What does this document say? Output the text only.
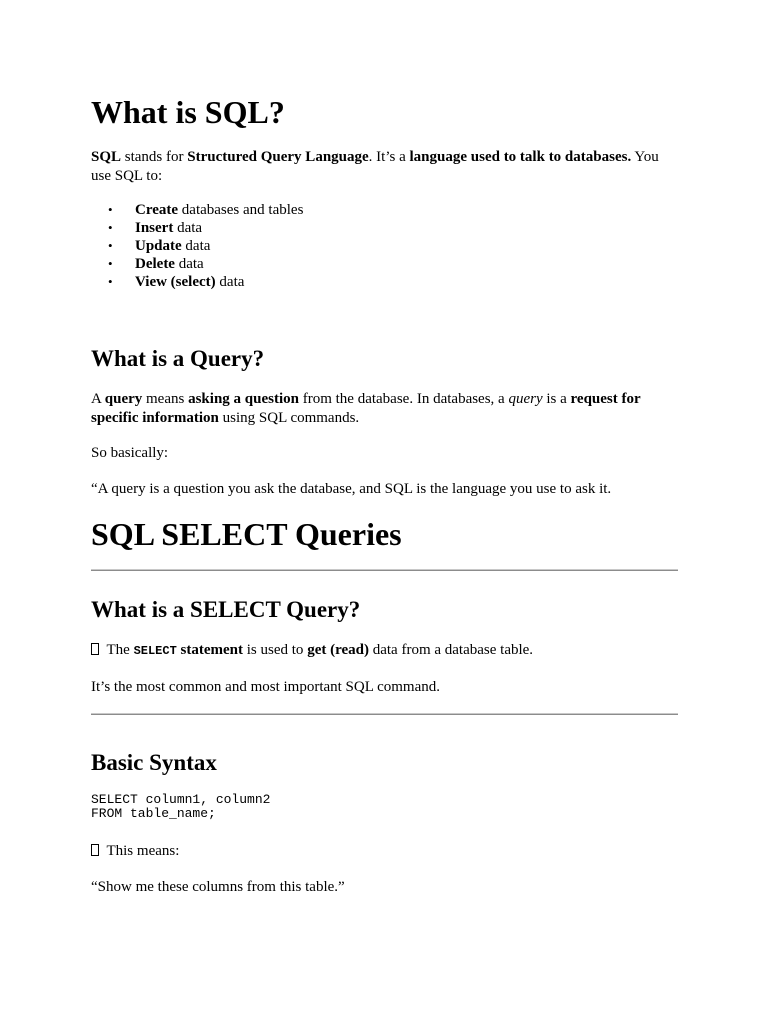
What is SQL?

SQL stands for Structured Query Language. It’s a language used to talk to databases. You use SQL to:

•	Create databases and tables
•	Insert data
•	Update data
•	Delete data
•	View (select) data
What is a Query?

A query means asking a question from the database. In databases, a query is a request for specific information using SQL commands.

So basically:

“A query is a question you ask the database, and SQL is the language you use to ask it.

SQL SELECT Queries
What is a SELECT Query?

The SELECT statement is used to get (read) data from a database table.

It’s the most common and most important SQL command.

Basic Syntax
SELECT column1, column2
FROM table_name;

This means:

“Show me these columns from this table.”
